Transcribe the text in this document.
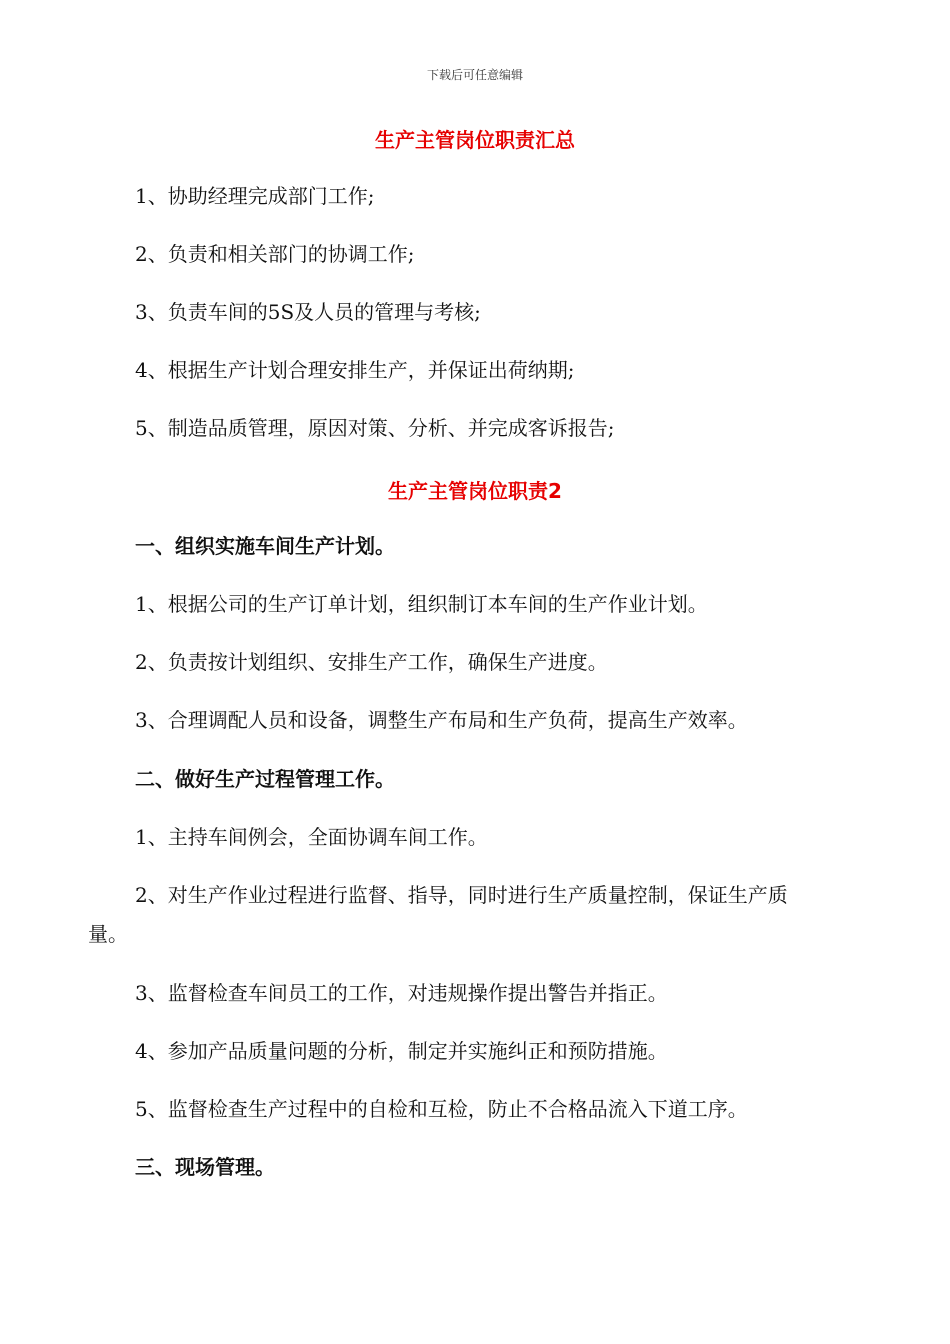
下载后可任意编辑
生产主管岗位职责汇总
1、协助经理完成部门工作;
2、负责和相关部门的协调工作;
3、负责车间的5S及人员的管理与考核;
4、根据生产计划合理安排生产，并保证出荷纳期;
5、制造品质管理，原因对策、分析、并完成客诉报告;
生产主管岗位职责2
一、组织实施车间生产计划。
1、根据公司的生产订单计划，组织制订本车间的生产作业计划。
2、负责按计划组织、安排生产工作，确保生产进度。
3、合理调配人员和设备，调整生产布局和生产负荷，提高生产效率。
二、做好生产过程管理工作。
1、主持车间例会，全面协调车间工作。
2、对生产作业过程进行监督、指导，同时进行生产质量控制，保证生产质
量。
3、监督检查车间员工的工作，对违规操作提出警告并指正。
4、参加产品质量问题的分析，制定并实施纠正和预防措施。
5、监督检查生产过程中的自检和互检，防止不合格品流入下道工序。
三、现场管理。
